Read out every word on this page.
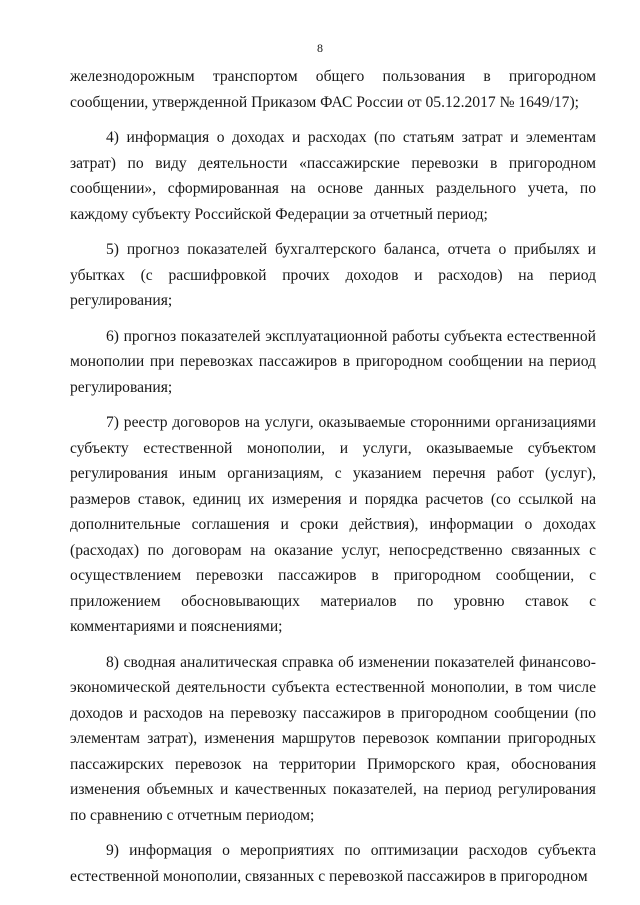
8

железнодорожным транспортом общего пользования в пригородном сообщении, утвержденной Приказом ФАС России от 05.12.2017 № 1649/17);

4) информация о доходах и расходах (по статьям затрат и элементам затрат) по виду деятельности «пассажирские перевозки в пригородном сообщении», сформированная на основе данных раздельного учета, по каждому субъекту Российской Федерации за отчетный период;

5) прогноз показателей бухгалтерского баланса, отчета о прибылях и убытках (с расшифровкой прочих доходов и расходов) на период регулирования;

6) прогноз показателей эксплуатационной работы субъекта естественной монополии при перевозках пассажиров в пригородном сообщении на период регулирования;

7) реестр договоров на услуги, оказываемые сторонними организациями субъекту естественной монополии, и услуги, оказываемые субъектом регулирования иным организациям, с указанием перечня работ (услуг), размеров ставок, единиц их измерения и порядка расчетов (со ссылкой на дополнительные соглашения и сроки действия), информации о доходах (расходах) по договорам на оказание услуг, непосредственно связанных с осуществлением перевозки пассажиров в пригородном сообщении, с приложением обосновывающих материалов по уровню ставок с комментариями и пояснениями;

8) сводная аналитическая справка об изменении показателей финансово-экономической деятельности субъекта естественной монополии, в том числе доходов и расходов на перевозку пассажиров в пригородном сообщении (по элементам затрат), изменения маршрутов перевозок компании пригородных пассажирских перевозок на территории Приморского края, обоснования изменения объемных и качественных показателей, на период регулирования по сравнению с отчетным периодом;

9) информация о мероприятиях по оптимизации расходов субъекта естественной монополии, связанных с перевозкой пассажиров в пригородном
